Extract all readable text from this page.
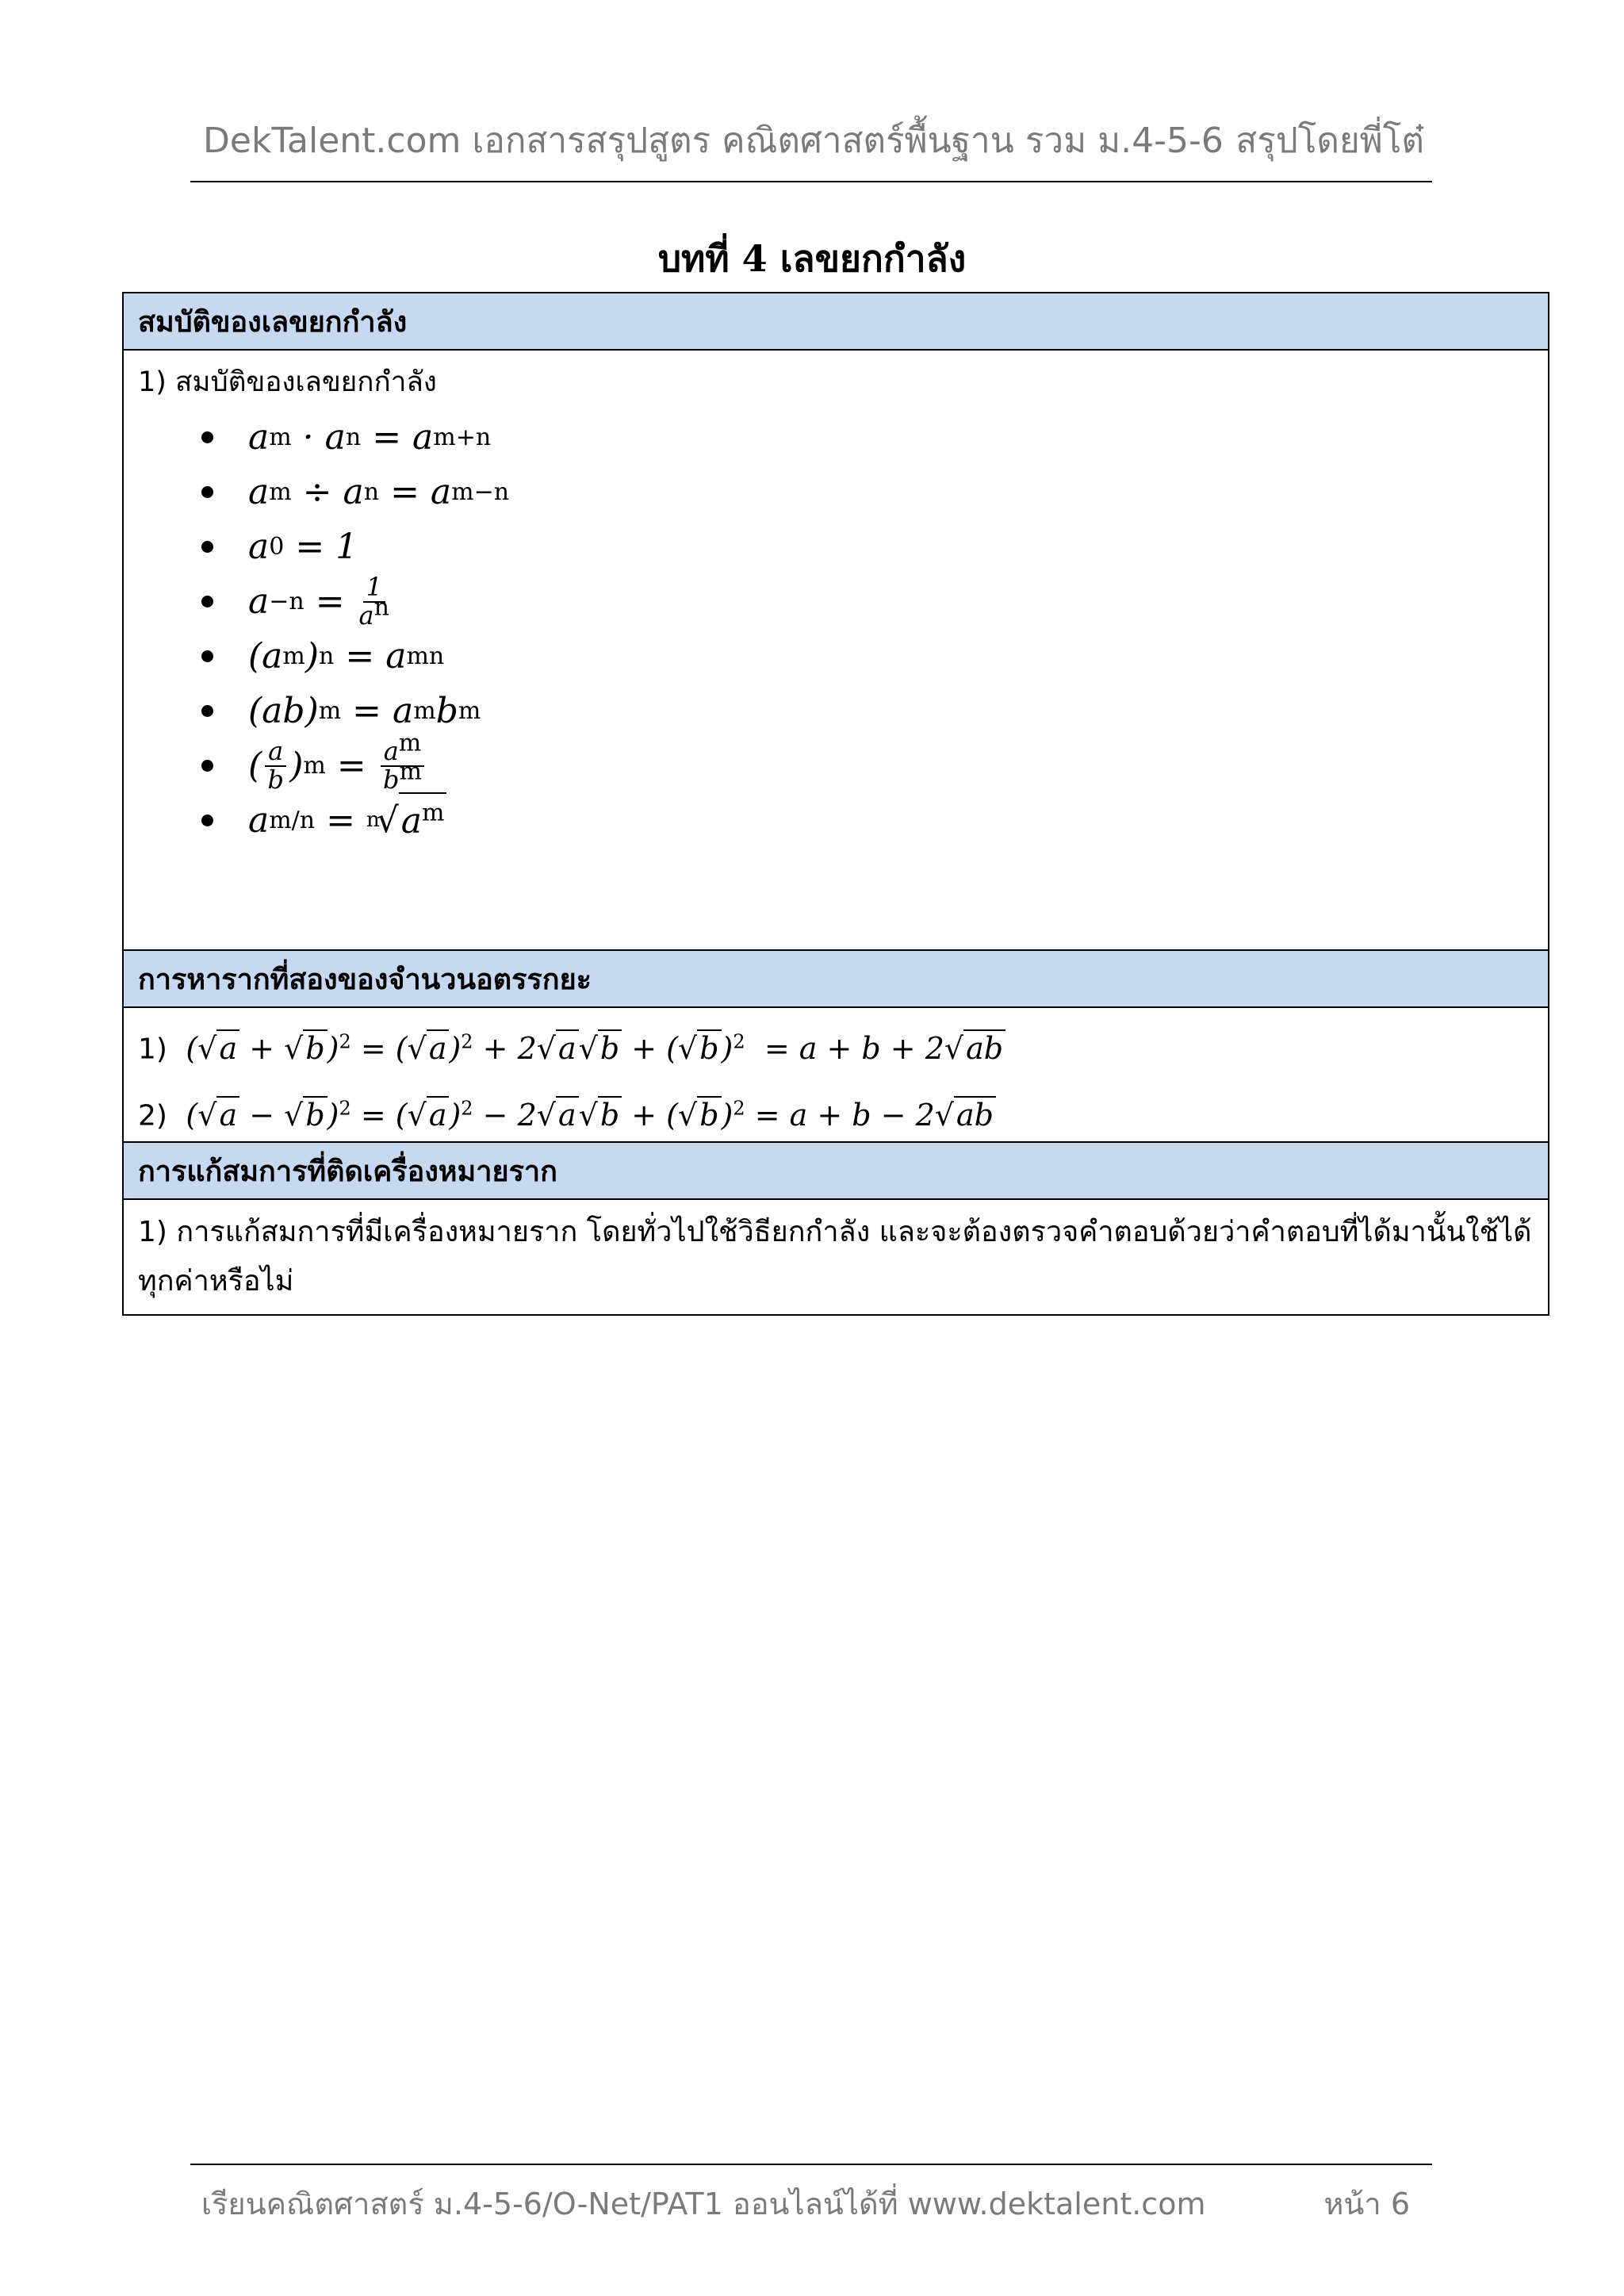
DekTalent.com เอกสารสรุปสูตร คณิตศาสตร์พื้นฐาน รวม ม.4-5-6 สรุปโดยพี่โต๋
บทที่ 4 เลขยกกำลัง
สมบัติของเลขยกกำลัง

1) สมบัติของเลขยกกำลัง
a m · a n = a m+n
a m ÷ a n = a m−n
a 0 = 1
$a -n = \frac{1}{an}$
(a m ) n = a mn
(ab) m = a m b m
( $\frac{a}{b}$ ) $m = \frac{am}{bm}$
a m/n = n
√ $a^m$

การหารากที่สองของจำนวนอตรรกยะ

1) $(√a + √b)^2 = (√a)^2 + 2√a√b + (√b)^2 = a + b + 2√ab$
2) $(√a - √b)^2 = (√a)^2 - 2√a√b + (√b)^2 = a + b - 2√ab$

การแก้สมการที่ติดเครื่องหมายราก
1) การแก้สมการที่มีเครื่องหมายราก โดยทั่วไปใช้วิธียกกำลัง และจะต้องตรวจคำตอบด้วยว่าคำตอบที่ได้มานั้นใช้ได้ทุกค่าหรือไม่
เรียนคณิตศาสตร์ ม.4-5-6/O-Net/PAT1 ออนไลน์ได้ที่ www.dektalent.com	หน้า 6
